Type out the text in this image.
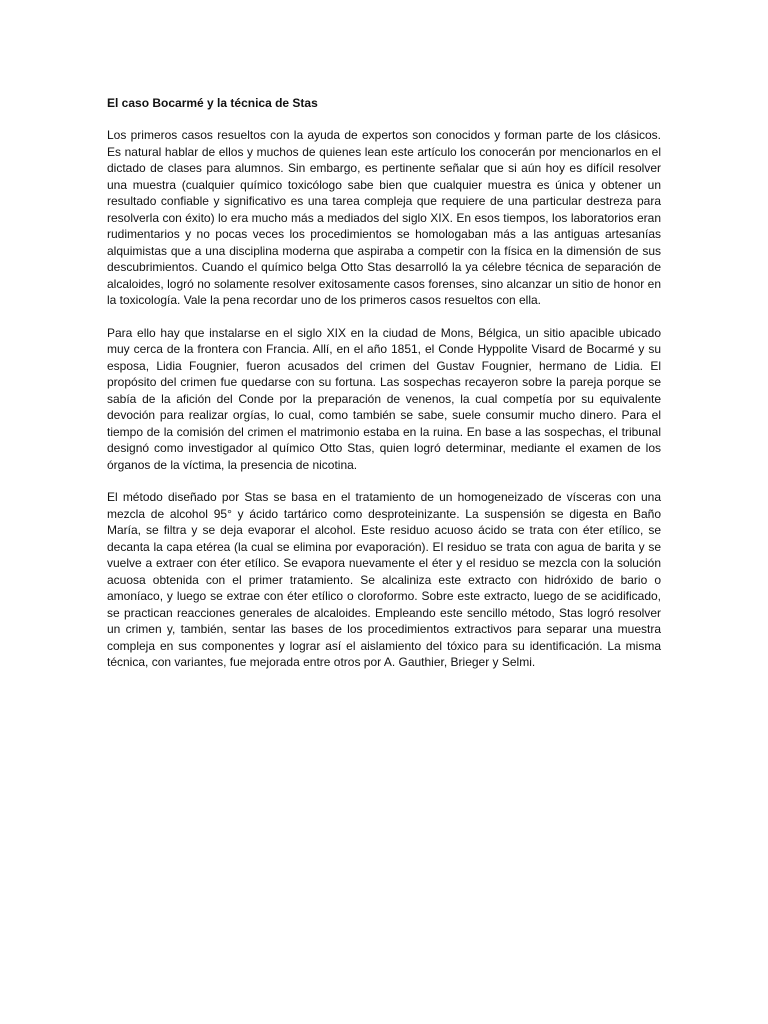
El caso Bocarmé y la técnica de Stas

Los primeros casos resueltos con la ayuda de expertos son conocidos y forman parte de los clásicos. Es natural hablar de ellos y muchos de quienes lean este artículo los conocerán por mencionarlos en el dictado de clases para alumnos. Sin embargo, es pertinente señalar que si aún hoy es difícil resolver una muestra (cualquier químico toxicólogo sabe bien que cualquier muestra es única y obtener un resultado confiable y significativo es una tarea compleja que requiere de una particular destreza para resolverla con éxito) lo era mucho más a mediados del siglo XIX. En esos tiempos, los laboratorios eran rudimentarios y no pocas veces los procedimientos se homologaban más a las antiguas artesanías alquimistas que a una disciplina moderna que aspiraba a competir con la física en la dimensión de sus descubrimientos. Cuando el químico belga Otto Stas desarrolló la ya célebre técnica de separación de alcaloides, logró no solamente resolver exitosamente casos forenses, sino alcanzar un sitio de honor en la toxicología. Vale la pena recordar uno de los primeros casos resueltos con ella.

Para ello hay que instalarse en el siglo XIX en la ciudad de Mons, Bélgica, un sitio apacible ubicado muy cerca de la frontera con Francia. Allí, en el año 1851, el Conde Hyppolite Visard de Bocarmé y su esposa, Lidia Fougnier, fueron acusados del crimen del Gustav Fougnier, hermano de Lidia. El propósito del crimen fue quedarse con su fortuna. Las sospechas recayeron sobre la pareja porque se sabía de la afición del Conde por la preparación de venenos, la cual competía por su equivalente devoción para realizar orgías, lo cual, como también se sabe, suele consumir mucho dinero. Para el tiempo de la comisión del crimen el matrimonio estaba en la ruina. En base a las sospechas, el tribunal designó como investigador al químico Otto Stas, quien logró determinar, mediante el examen de los órganos de la víctima, la presencia de nicotina.

El método diseñado por Stas se basa en el tratamiento de un homogeneizado de vísceras con una mezcla de alcohol 95° y ácido tartárico como desproteinizante. La suspensión se digesta en Baño María, se filtra y se deja evaporar el alcohol. Este residuo acuoso ácido se trata con éter etílico, se decanta la capa etérea (la cual se elimina por evaporación). El residuo se trata con agua de barita y se vuelve a extraer con éter etílico. Se evapora nuevamente el éter y el residuo se mezcla con la solución acuosa obtenida con el primer tratamiento. Se alcaliniza este extracto con hidróxido de bario o amoníaco, y luego se extrae con éter etílico o cloroformo. Sobre este extracto, luego de se acidificado, se practican reacciones generales de alcaloides. Empleando este sencillo método, Stas logró resolver un crimen y, también, sentar las bases de los procedimientos extractivos para separar una muestra compleja en sus componentes y lograr así el aislamiento del tóxico para su identificación. La misma técnica, con variantes, fue mejorada entre otros por A. Gauthier, Brieger y Selmi.
